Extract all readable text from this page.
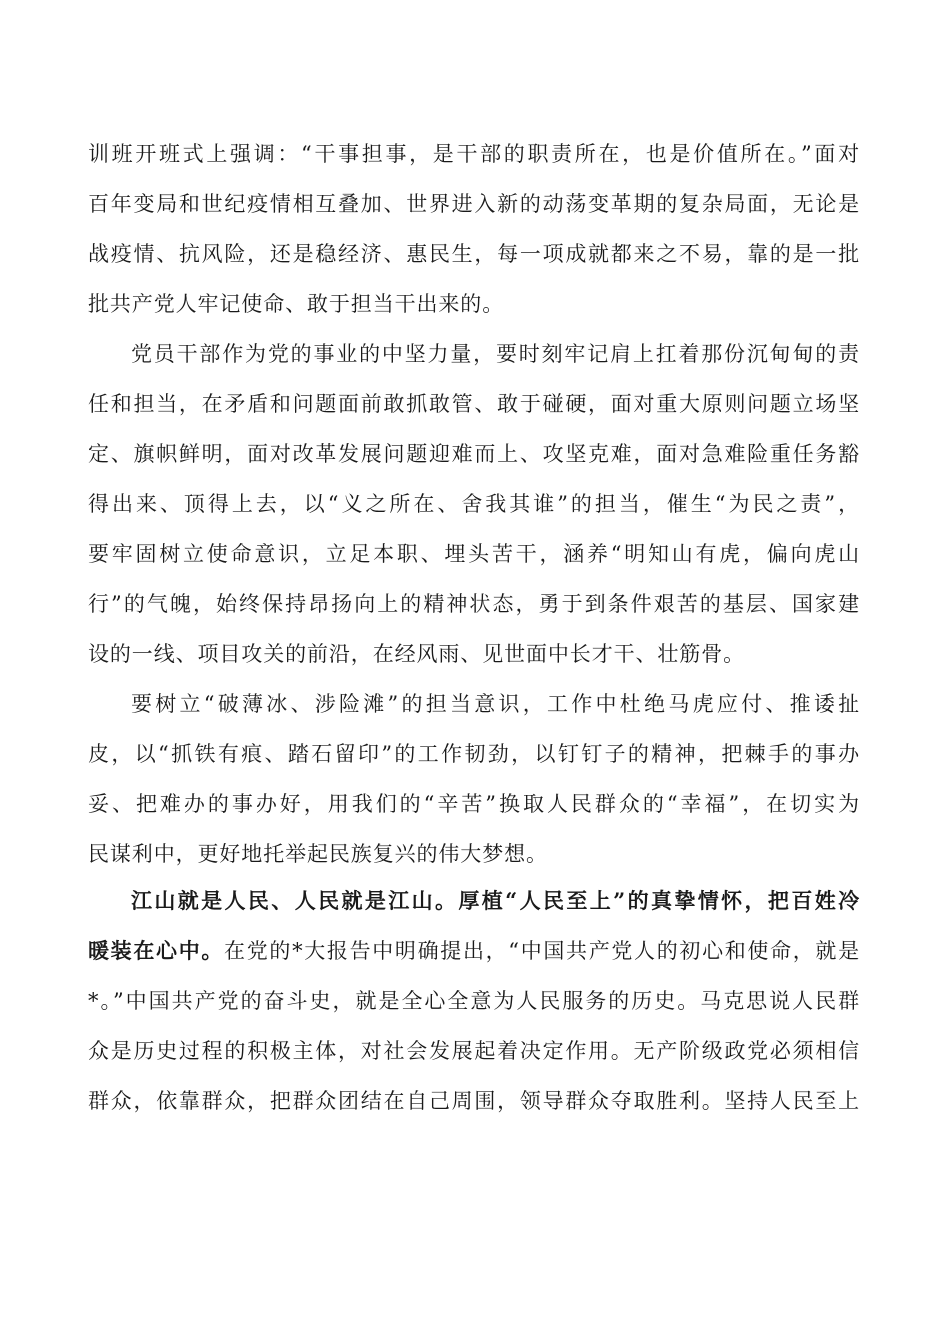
训班开班式上强调：“干事担事，是干部的职责所在，也是价值所在。”面对
百年变局和世纪疫情相互叠加、世界进入新的动荡变革期的复杂局面，无论是
战疫情、抗风险，还是稳经济、惠民生，每一项成就都来之不易，靠的是一批
批共产党人牢记使命、敢于担当干出来的。
党员干部作为党的事业的中坚力量，要时刻牢记肩上扛着那份沉甸甸的责
任和担当，在矛盾和问题面前敢抓敢管、敢于碰硬，面对重大原则问题立场坚
定、旗帜鲜明，面对改革发展问题迎难而上、攻坚克难，面对急难险重任务豁
得出来、顶得上去，以“义之所在、舍我其谁”的担当，催生“为民之责”，
要牢固树立使命意识，立足本职、埋头苦干，涵养“明知山有虎，偏向虎山
行”的气魄，始终保持昂扬向上的精神状态，勇于到条件艰苦的基层、国家建
设的一线、项目攻关的前沿，在经风雨、见世面中长才干、壮筋骨。
要树立“破薄冰、涉险滩”的担当意识，工作中杜绝马虎应付、推诿扯
皮，以“抓铁有痕、踏石留印”的工作韧劲，以钉钉子的精神，把棘手的事办
妥、把难办的事办好，用我们的“辛苦”换取人民群众的“幸福”，在切实为
民谋利中，更好地托举起民族复兴的伟大梦想。
江山就是人民、人民就是江山。厚植“人民至上”的真挚情怀，把百姓冷
暖装在心中。在党的*大报告中明确提出，“中国共产党人的初心和使命，就是
*。”中国共产党的奋斗史，就是全心全意为人民服务的历史。马克思说人民群
众是历史过程的积极主体，对社会发展起着决定作用。无产阶级政党必须相信
群众，依靠群众，把群众团结在自己周围，领导群众夺取胜利。坚持人民至上
